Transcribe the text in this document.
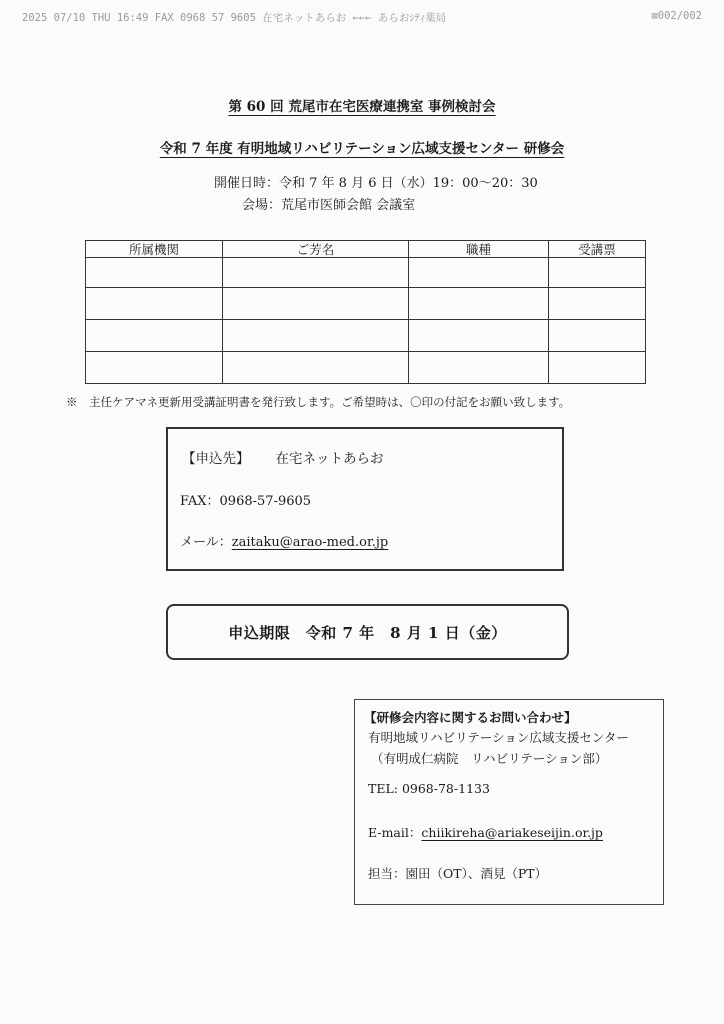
2025 07/10 THU 16:49 FAX 0968 57 9605 在宅ネットあらお ←←← あらおｼﾃｨ薬局	⊠002/002
第 60 回 荒尾市在宅医療連携室 事例検討会
令和 7 年度 有明地域リハビリテーション広域支援センター 研修会
開催日時：令和 7 年 8 月 6 日（水）19：00〜20：30
会場：荒尾市医師会館 会議室
所属機関	ご芳名	職種	受講票

※　主任ケアマネ更新用受講証明書を発行致します。ご希望時は、〇印の付記をお願い致します。
【申込先】 在宅ネットあらお
FAX：0968-57-9605
メール：zaitaku@arao-med.or.jp
申込期限　令和 7 年　8 月 1 日（金）
【研修会内容に関するお問い合わせ】
有明地域リハビリテーション広域支援センター
（有明成仁病院　リハビリテーション部）
TEL: 0968-78-1133
E-mail：chiikireha@ariakeseijin.or.jp
担当：園田（OT）、酒見（PT）
